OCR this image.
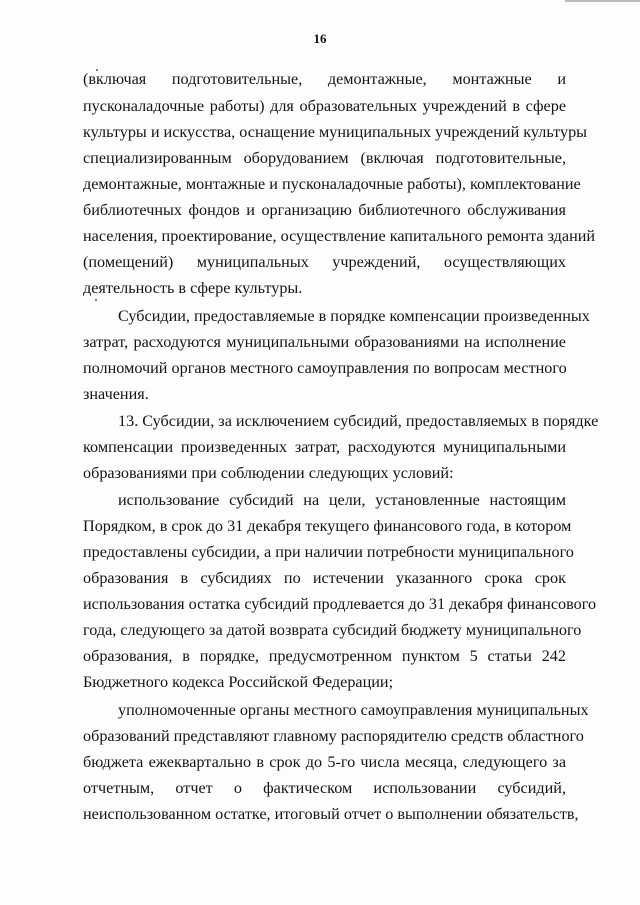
16
(включая подготовительные, демонтажные, монтажные и
пусконаладочные работы) для образовательных учреждений в сфере
культуры и искусства, оснащение муниципальных учреждений культуры
специализированным оборудованием (включая подготовительные,
демонтажные, монтажные и пусконаладочные работы), комплектование
библиотечных фондов и организацию библиотечного обслуживания
населения, проектирование, осуществление капитального ремонта зданий
(помещений) муниципальных учреждений, осуществляющих
деятельность в сфере культуры.
Субсидии, предоставляемые в порядке компенсации произведенных
затрат, расходуются муниципальными образованиями на исполнение
полномочий органов местного самоуправления по вопросам местного
значения.
13. Субсидии, за исключением субсидий, предоставляемых в порядке
компенсации произведенных затрат, расходуются муниципальными
образованиями при соблюдении следующих условий:
использование субсидий на цели, установленные настоящим
Порядком, в срок до 31 декабря текущего финансового года, в котором
предоставлены субсидии, а при наличии потребности муниципального
образования в субсидиях по истечении указанного срока срок
использования остатка субсидий продлевается до 31 декабря финансового
года, следующего за датой возврата субсидий бюджету муниципального
образования, в порядке, предусмотренном пунктом 5 статьи 242
Бюджетного кодекса Российской Федерации;
уполномоченные органы местного самоуправления муниципальных
образований представляют главному распорядителю средств областного
бюджета ежеквартально в срок до 5-го числа месяца, следующего за
отчетным, отчет о фактическом использовании субсидий,
неиспользованном остатке, итоговый отчет о выполнении обязательств,
